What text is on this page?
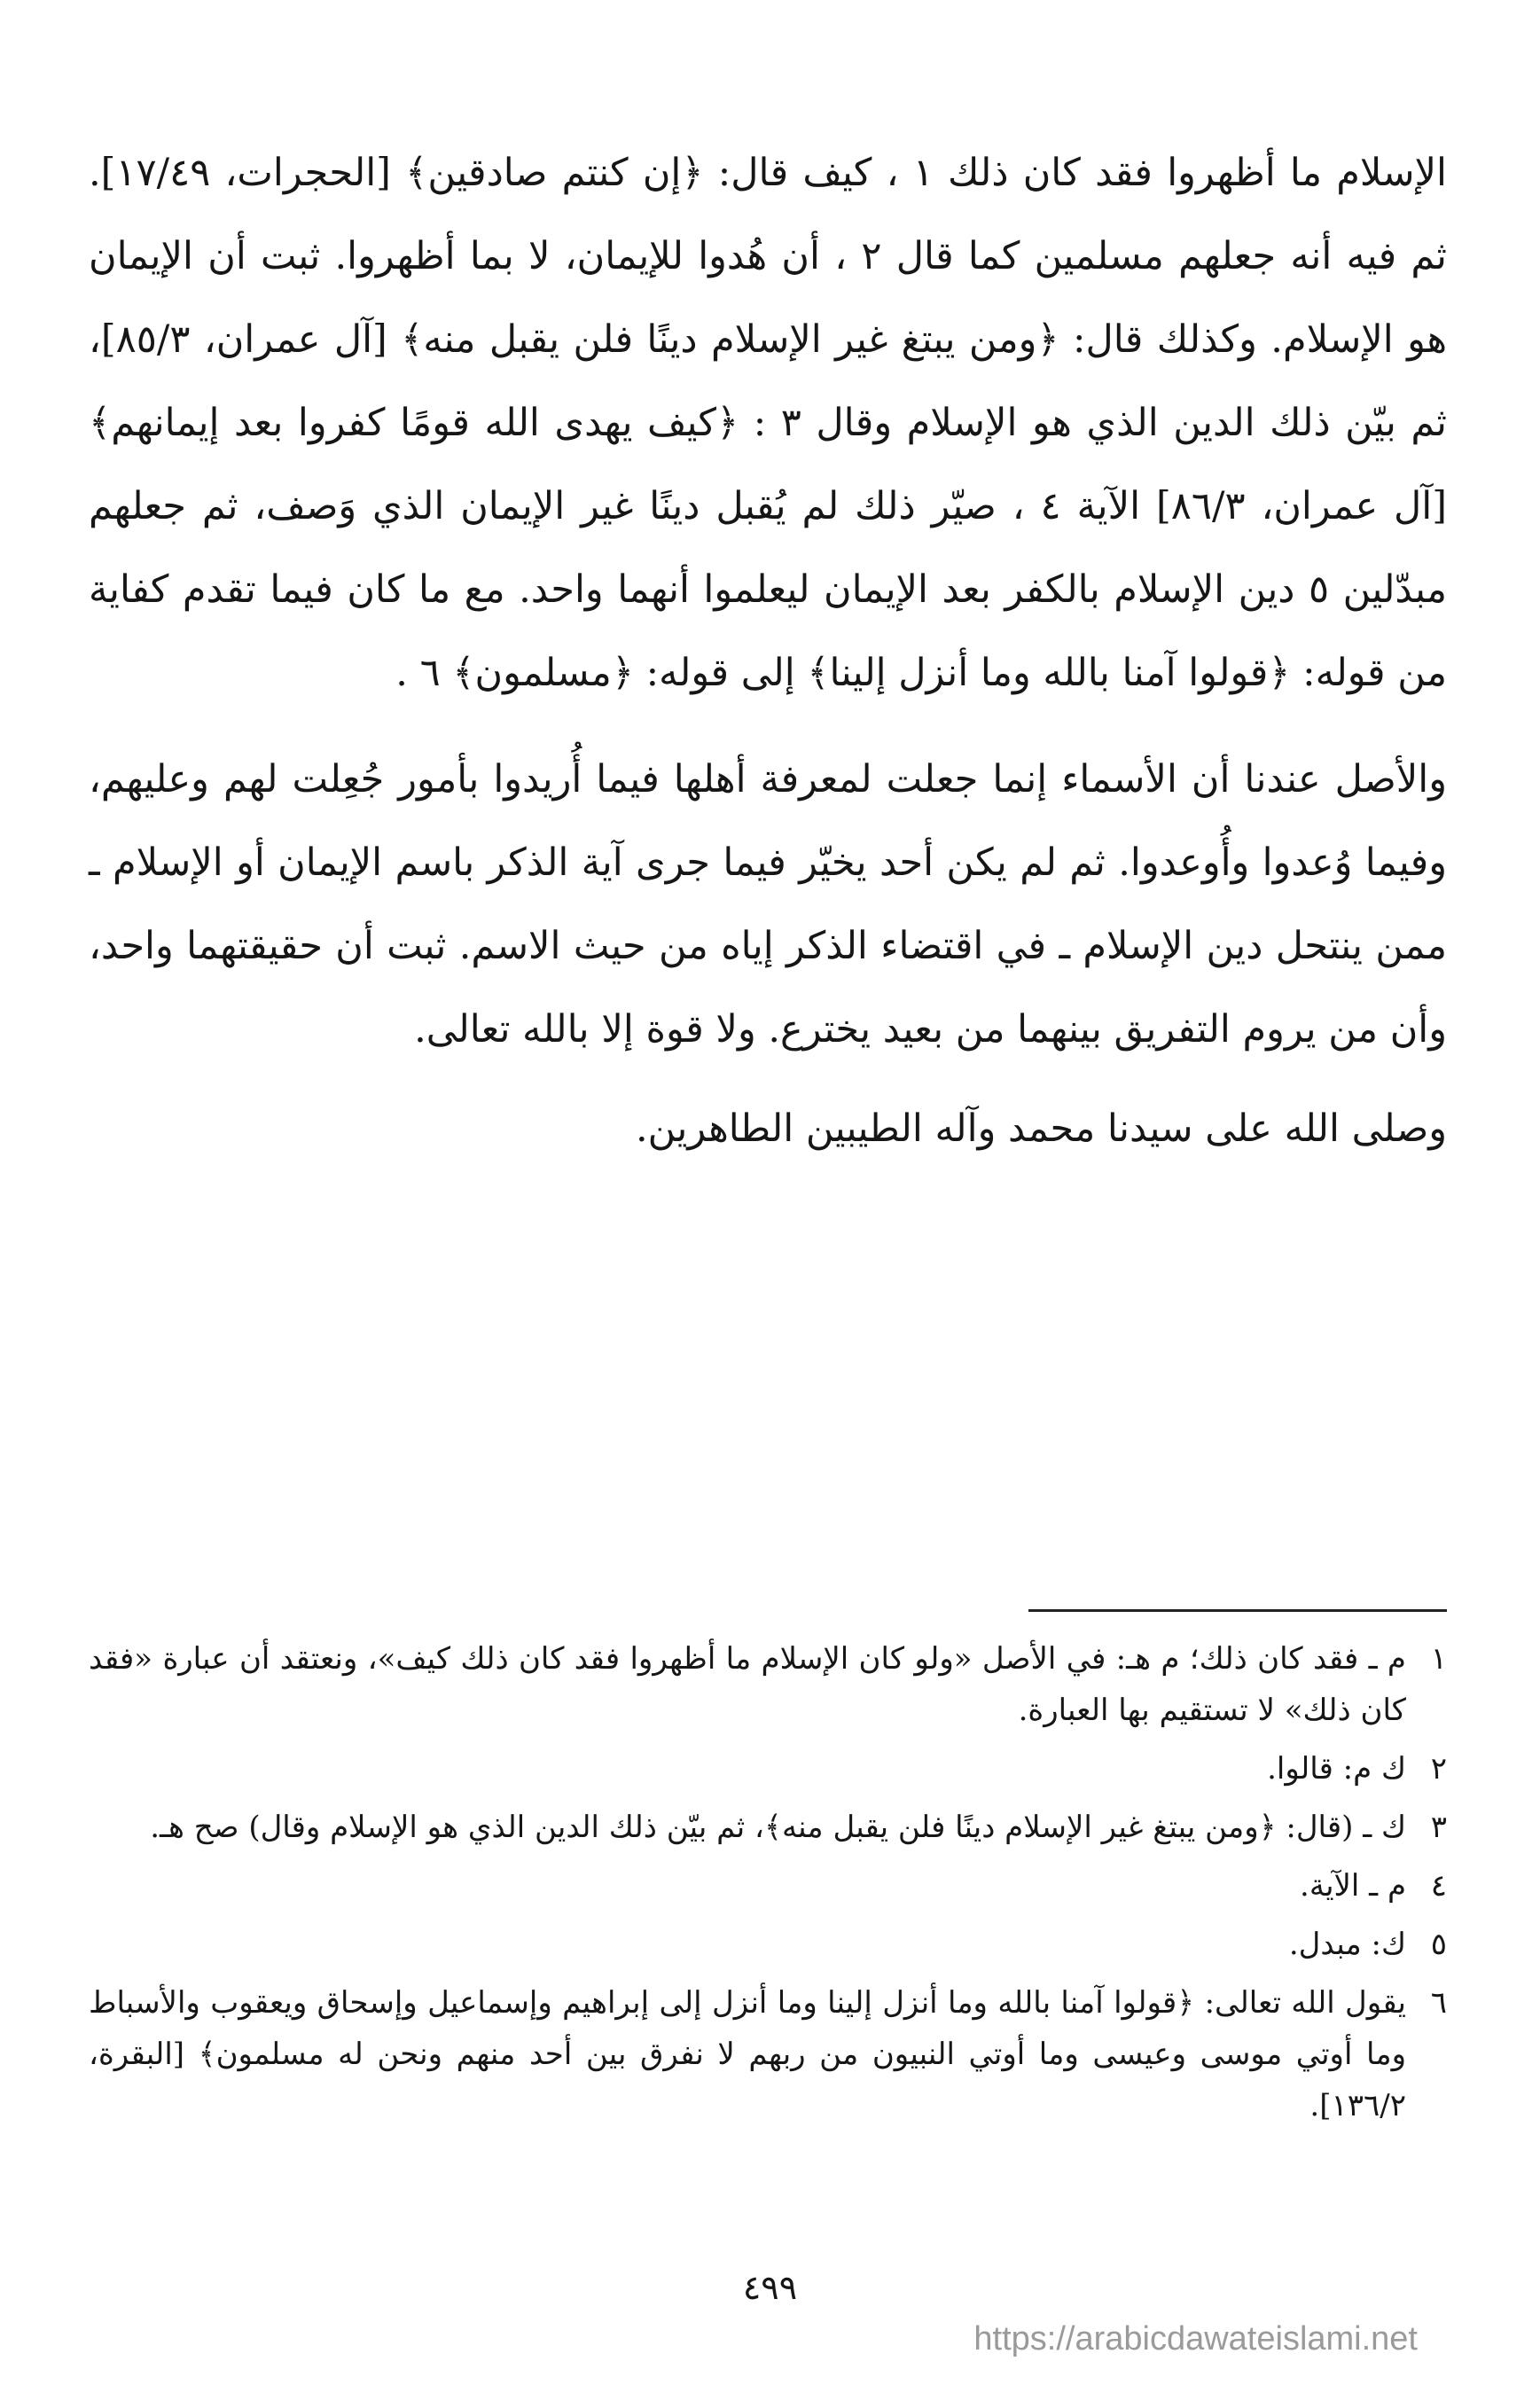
الإسلام ما أظهروا فقد كان ذلك ١ ، كيف قال: ﴿إن كنتم صادقين﴾ [الحجرات، ١٧/٤٩]. ثم فيه أنه جعلهم مسلمين كما قال ٢ ، أن هُدوا للإيمان، لا بما أظهروا. ثبت أن الإيمان هو الإسلام. وكذلك قال: ﴿ومن يبتغ غير الإسلام دينًا فلن يقبل منه﴾ [آل عمران، ٨٥/٣]، ثم بيّن ذلك الدين الذي هو الإسلام وقال ٣ : ﴿كيف يهدى الله قومًا كفروا بعد إيمانهم﴾ [آل عمران، ٨٦/٣] الآية ٤ ، صيّر ذلك لم يُقبل دينًا غير الإيمان الذي وَصف، ثم جعلهم مبدّلين ٥ دين الإسلام بالكفر بعد الإيمان ليعلموا أنهما واحد. مع ما كان فيما تقدم كفاية من قوله: ﴿قولوا آمنا بالله وما أنزل إلينا﴾ إلى قوله: ﴿مسلمون﴾ ٦ .

والأصل عندنا أن الأسماء إنما جعلت لمعرفة أهلها فيما أُريدوا بأمور جُعِلت لهم وعليهم، وفيما وُعدوا وأُوعدوا. ثم لم يكن أحد يخيّر فيما جرى آية الذكر باسم الإيمان أو الإسلام ـ ممن ينتحل دين الإسلام ـ في اقتضاء الذكر إياه من حيث الاسم. ثبت أن حقيقتهما واحد، وأن من يروم التفريق بينهما من بعيد يخترع. ولا قوة إلا بالله تعالى.

وصلى الله على سيدنا محمد وآله الطيبين الطاهرين.

١
م ـ فقد كان ذلك؛ م هـ: في الأصل «ولو كان الإسلام ما أظهروا فقد كان ذلك كيف»، ونعتقد أن عبارة «فقد كان ذلك» لا تستقيم بها العبارة.
٢
ك م: قالوا.
٣
ك ـ (قال: ﴿ومن يبتغ غير الإسلام دينًا فلن يقبل منه﴾، ثم بيّن ذلك الدين الذي هو الإسلام وقال) صح هـ.
٤
م ـ الآية.
٥
ك: مبدل.
٦
يقول الله تعالى: ﴿قولوا آمنا بالله وما أنزل إلينا وما أنزل إلى إبراهيم وإسماعيل وإسحاق ويعقوب والأسباط وما أوتي موسى وعيسى وما أوتي النبيون من ربهم لا نفرق بين أحد منهم ونحن له مسلمون﴾ [البقرة، ١٣٦/٢].
٤٩٩
https://arabicdawateislami.net
